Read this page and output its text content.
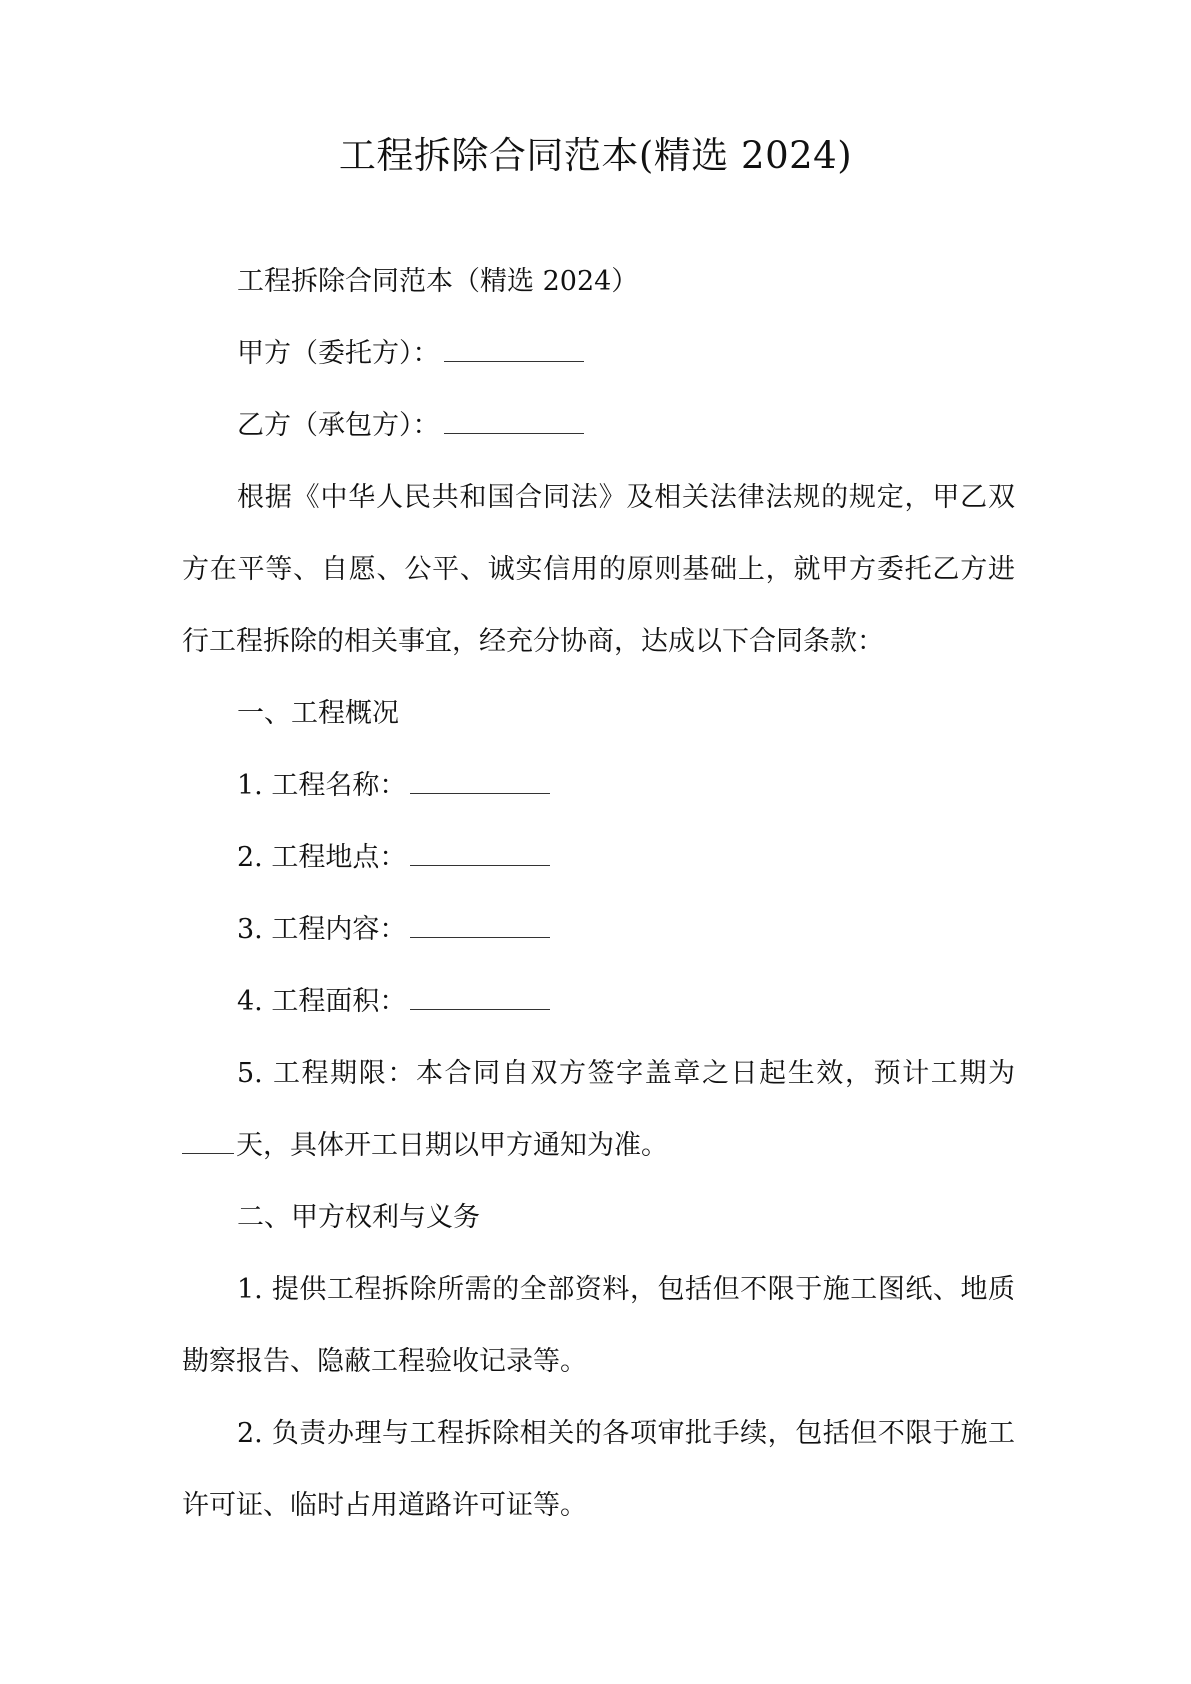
工程拆除合同范本(精选 2024)

工程拆除合同范本（精选 2024）

甲方（委托方）：

乙方（承包方）：

根据《中华人民共和国合同法》及相关法律法规的规定，甲乙双方在平等、自愿、公平、诚实信用的原则基础上，就甲方委托乙方进行工程拆除的相关事宜，经充分协商，达成以下合同条款：

一、工程概况

1. 工程名称：

2. 工程地点：

3. 工程内容：

4. 工程面积：

5. 工程期限：本合同自双方签字盖章之日起生效，预计工期为天，具体开工日期以甲方通知为准。

二、甲方权利与义务

1. 提供工程拆除所需的全部资料，包括但不限于施工图纸、地质勘察报告、隐蔽工程验收记录等。

2. 负责办理与工程拆除相关的各项审批手续，包括但不限于施工许可证、临时占用道路许可证等。
